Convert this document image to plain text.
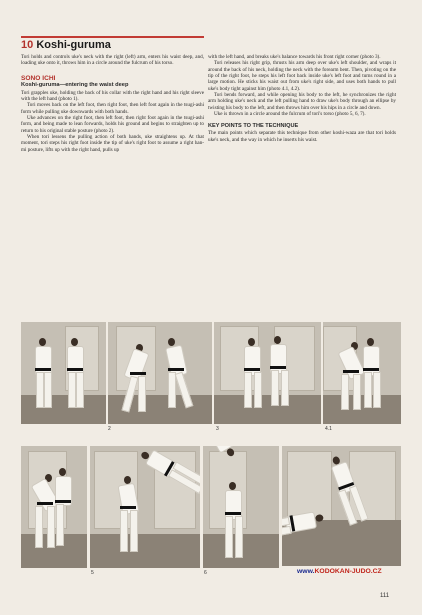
10 Koshi-guruma

Tori holds and controls uke's neck with the right (left) arm, enters his waist deep, and, loading uke onto it, throws him in a circle around the fulcrum of his torso.

SONO ICHI
Koshi-guruma—entering the waist deep

Tori grapples uke, holding the back of his collar with the right hand and his right sleeve with the left hand (photo 1).

Tori moves back on the left foot, then right foot, then left foot again in the tsugi-ashi form while pulling uke downwards with both hands.

Uke advances on the right foot, then left foot, then right foot again in the tsugi-ashi form, and being made to lean forwards, holds his ground and begins to straighten up to return to his original stable posture (photo 2).

When tori lessens the pulling action of both hands, uke straightens up. At that moment, tori steps his right foot inside the tip of uke's right foot to assume a right han-mi posture, lifts up with the right hand, pulls up

with the left hand, and breaks uke's balance towards his front right corner (photo 3).

Tori releases his right grip, thrusts his arm deep over uke's left shoulder, and wraps it around the back of his neck, holding the neck with the forearm bent. Then, pivoting on the tip of the right foot, he steps his left foot back inside uke's left foot and turns round in a large motion. He sticks his waist out from uke's right side, and uses both hands to pull uke's body tight against him (photo 4.1, 4.2).

Tori bends forward, and while opening his body to the left, he synchronizes the right arm holding uke's neck and the left pulling hand to draw uke's body through an ellipse by twisting his body to the left, and then throws him over his hips in a circle and down.

Uke is thrown in a circle around the fulcrum of tori's torso (photo 5, 6, 7).

KEY POINTS TO THE TECHNIQUE

The main points which separate this technique from other koshi-waza are that tori holds uke's neck, and the way in which he inserts his waist.

2	3	4.1
5	6	www.KODOKAN-JUDO.CZ
111
